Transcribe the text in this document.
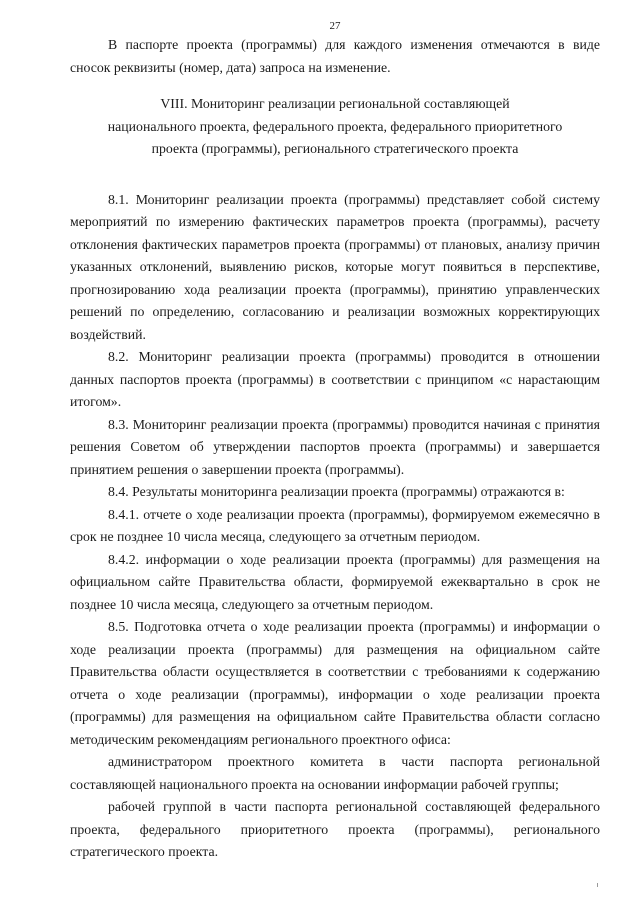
27

В паспорте проекта (программы) для каждого изменения отмечаются в виде сносок реквизиты (номер, дата) запроса на изменение.

VIII. Мониторинг реализации региональной составляющей
национального проекта, федерального проекта, федерального приоритетного
проекта (программы), регионального стратегического проекта

8.1. Мониторинг реализации проекта (программы) представляет собой систему мероприятий по измерению фактических параметров проекта (программы), расчету отклонения фактических параметров проекта (программы) от плановых, анализу причин указанных отклонений, выявлению рисков, которые могут появиться в перспективе, прогнозированию хода реализации проекта (программы), принятию управленческих решений по определению, согласованию и реализации возможных корректирующих воздействий.

8.2. Мониторинг реализации проекта (программы) проводится в отношении данных паспортов проекта (программы) в соответствии с принципом «с нарастающим итогом».

8.3. Мониторинг реализации проекта (программы) проводится начиная с принятия решения Советом об утверждении паспортов проекта (программы) и завершается принятием решения о завершении проекта (программы).

8.4. Результаты мониторинга реализации проекта (программы) отражаются в:

8.4.1. отчете о ходе реализации проекта (программы), формируемом ежемесячно в срок не позднее 10 числа месяца, следующего за отчетным периодом.

8.4.2. информации о ходе реализации проекта (программы) для размещения на официальном сайте Правительства области, формируемой ежеквартально в срок не позднее 10 числа месяца, следующего за отчетным периодом.

8.5. Подготовка отчета о ходе реализации проекта (программы) и информации о ходе реализации проекта (программы) для размещения на официальном сайте Правительства области осуществляется в соответствии с требованиями к содержанию отчета о ходе реализации (программы), информации о ходе реализации проекта (программы) для размещения на официальном сайте Правительства области согласно методическим рекомендациям регионального проектного офиса:

администратором проектного комитета в части паспорта региональной составляющей национального проекта на основании информации рабочей группы;

рабочей группой в части паспорта региональной составляющей федерального проекта, федерального приоритетного проекта (программы), регионального стратегического проекта.
